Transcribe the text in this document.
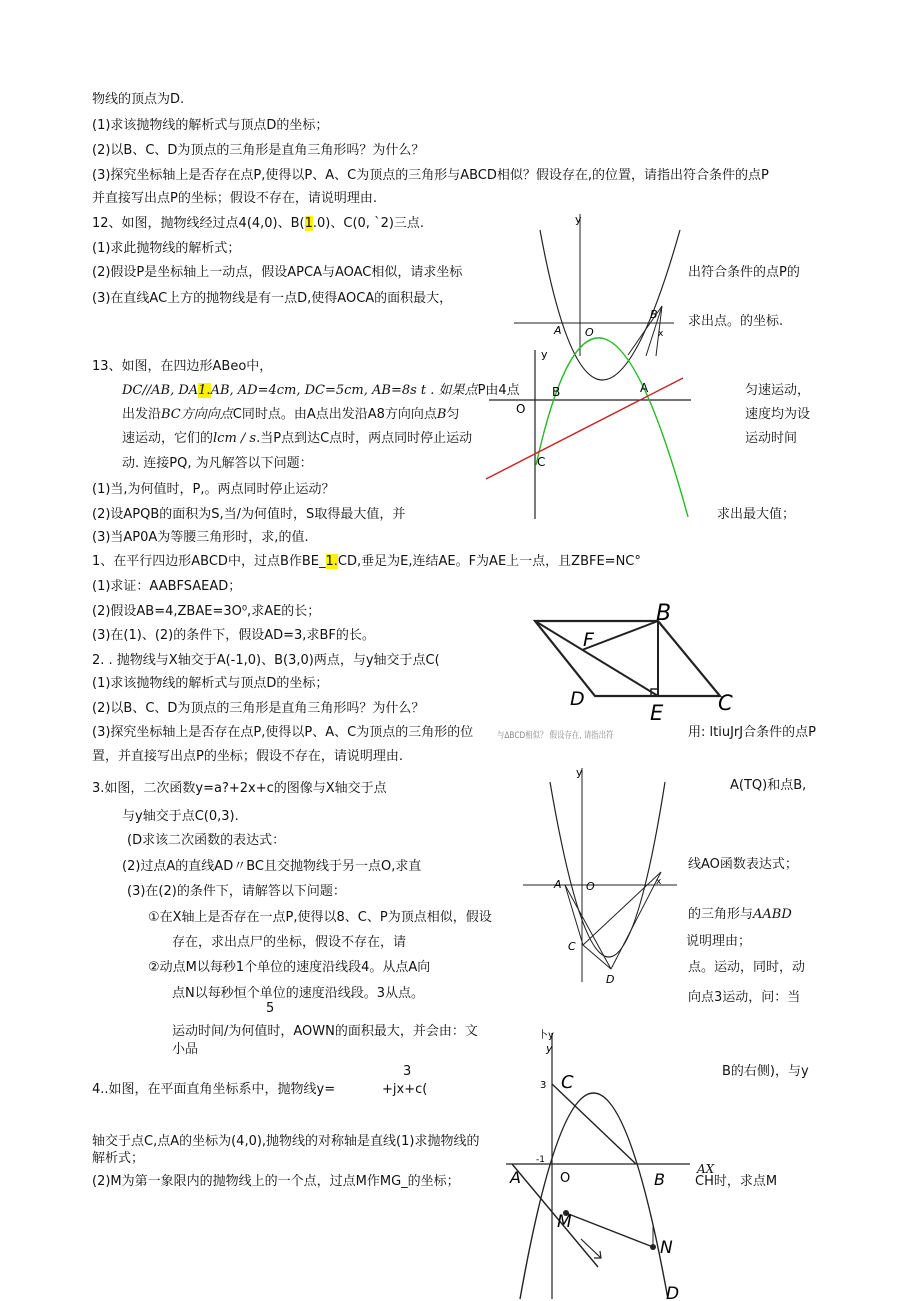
物线的顶点为D.
(1)求该抛物线的解析式与顶点D的坐标；
(2)以B、C、D为顶点的三角形是直角三角形吗？为什么？
(3)探究坐标轴上是否存在点P,使得以P、A、C为顶点的三角形与ABCD相似？假设存在,的位置，请指出符合条件的点P
并直接写出点P的坐标；假设不存在，请说明理由.
12、如图，抛物线经过点4(4,0)、B(1.0)、C(0, `2)三点.
(1)求此抛物线的解析式；
(2)假设P是坐标轴上一动点，假设APCA与AOAC相似，请求坐标	出符合条件的点P的
(3)在直线AC上方的抛物线是有一点D,使得AOCA的面积最大，
求出点。的坐标.
13、如图，在四边形ABeo中，
DC//AB, DA1.AB, AD=4cm, DC=5cm, AB=8s t . 如果点P由4点	匀速运动，
出发沿BC方向向点C同时点。由A点出发沿A8方向向点B匀	速度均为设
速运动，它们的lcm / s.当P点到达C点时，两点同时停止运动	运动时间
动. 连接PQ, 为凡解答以下问题：
(1)当,为何值时，P,。两点同时停止运动？
(2)设APQB的面积为S,当/为何值时，S取得最大值，并	求出最大值；
(3)当AP0A为等腰三角形时，求,的值.
1、在平行四边形ABCD中，过点B作BE_1.CD,垂足为E,连结AE。F为AE上一点，且ZBFE=NC°
(1)求证：AABFSAEAD；
(2)假设AB=4,ZBAE=3O⁰,求AE的长；
(3)在(1)、(2)的条件下，假设AD=3,求BF的长。
2. . 抛物线与X轴交于A(-1,0)、B(3,0)两点，与y轴交于点C(
(1)求该抛物线的解析式与顶点D的坐标；
(2)以B、C、D为顶点的三角形是直角三角形吗？为什么？
(3)探究坐标轴上是否存在点P,使得以P、A、C为顶点的三角形的位	与ΔBCD相似？ 假设存在, 请指出符	用: ltiuJrJ合条件的点P
置，并直接写出点P的坐标；假设不存在，请说明理由.
3.如图，二次函数y=a?+2x+c的图像与X轴交于点	A(TQ)和点B,
与y轴交于点C(0,3).
(D求该二次函数的表达式：
(2)过点A的直线AD〃BC且交抛物线于另一点O,求直	线AO函数表达式；
(3)在(2)的条件下，请解答以下问题：
①在X轴上是否存在一点P,使得以8、C、P为顶点相似，假设	的三角形与AABD
存在，求出点尸的坐标，假设不存在，请	说明理由；
②动点M以每秒1个单位的速度沿线段4。从点A向	点。运动，同时，动
点N以每秒恒个单位的速度沿线段。3从点。	向点3运动，问：当
5
运动时间/为何值时，AOWN的面积最大，并会由：文
小品
3
4..如图，在平面直角坐标系中，抛物线y=	+jx+c(
B的右侧)，与y
轴交于点C,点A的坐标为(4,0),抛物线的对称轴是直线(1)求抛物线的
解析式；
AX
(2)M为第一象限内的抛物线上的一个点，过点M作MG_的坐标；	CH时，求点M
y
A O
B
x
y
B	A
O
C
B
F
D
E	C
y
A O	x
C
D
卜y
y
3 C
-1
A	O	B
M
N
D
